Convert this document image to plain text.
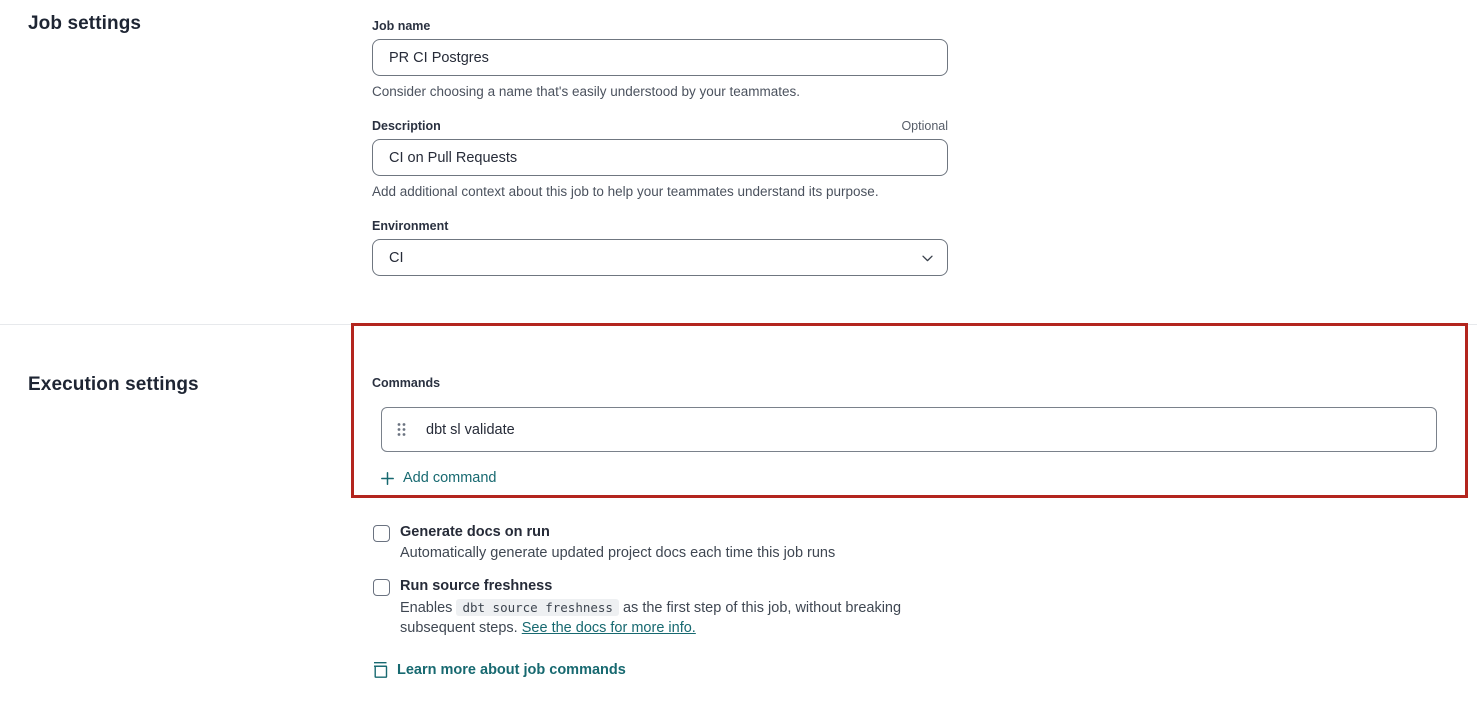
Job settings	Job name
PR CI Postgres
Consider choosing a name that's easily understood by your teammates.
Description	Optional
CI on Pull Requests
Add additional context about this job to help your teammates understand its purpose.
Environment
CI
Execution settings	Commands
dbt sl validate
Add command
Generate docs on run
Automatically generate updated project docs each time this job runs
Run source freshness
Enables dbt source freshness as the first step of this job, without breaking subsequent steps. See the docs for more info.
Learn more about job commands
